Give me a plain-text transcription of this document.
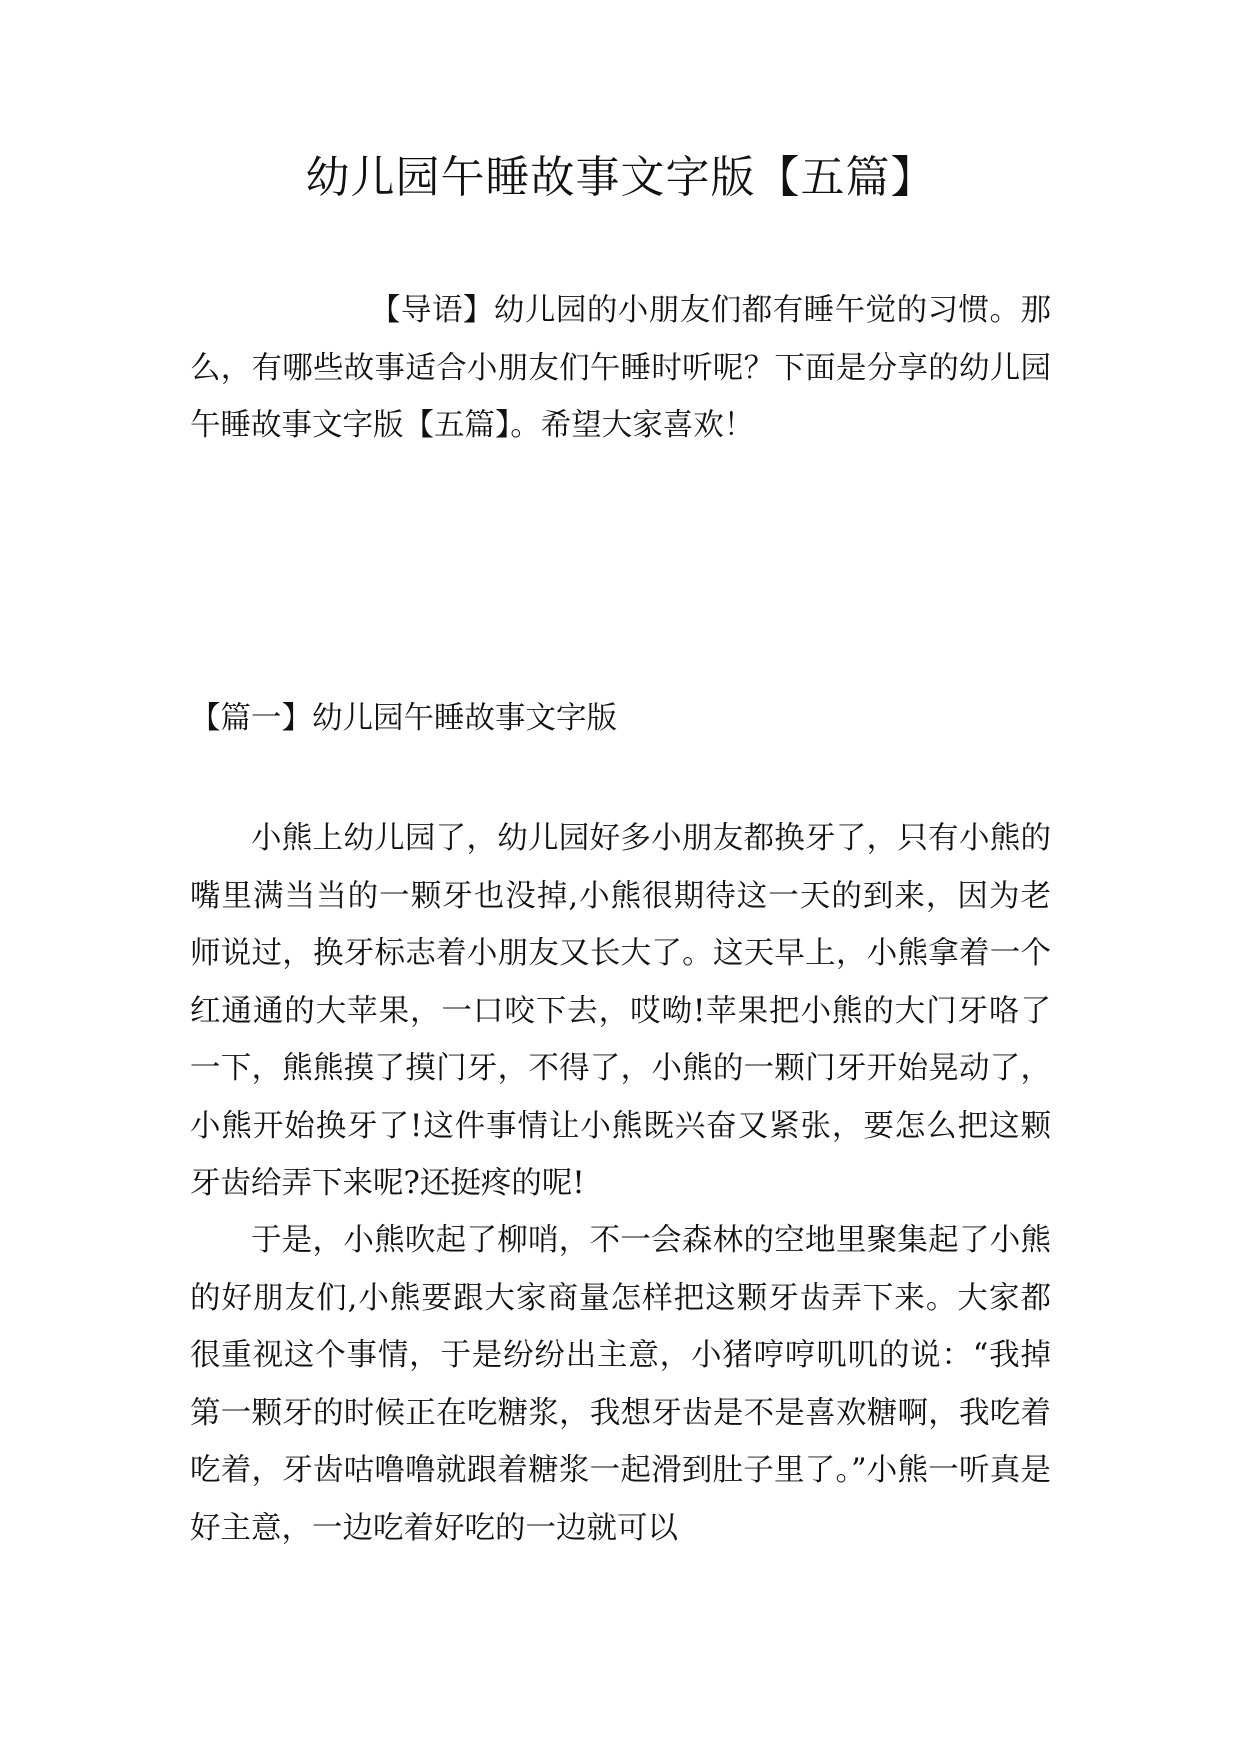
幼儿园午睡故事文字版【五篇】

【导语】幼儿园的小朋友们都有睡午觉的习惯。那么，有哪些故事适合小朋友们午睡时听呢？下面是分享的幼儿园午睡故事文字版【五篇】。希望大家喜欢！

【篇一】幼儿园午睡故事文字版

小熊上幼儿园了，幼儿园好多小朋友都换牙了，只有小熊的嘴里满当当的一颗牙也没掉,小熊很期待这一天的到来，因为老师说过，换牙标志着小朋友又长大了。这天早上，小熊拿着一个红通通的大苹果，一口咬下去，哎呦!苹果把小熊的大门牙咯了一下，熊熊摸了摸门牙，不得了，小熊的一颗门牙开始晃动了，小熊开始换牙了!这件事情让小熊既兴奋又紧张，要怎么把这颗牙齿给弄下来呢?还挺疼的呢!

于是，小熊吹起了柳哨，不一会森林的空地里聚集起了小熊的好朋友们,小熊要跟大家商量怎样把这颗牙齿弄下来。大家都很重视这个事情，于是纷纷出主意，小猪哼哼叽叽的说：“我掉第一颗牙的时候正在吃糖浆，我想牙齿是不是喜欢糖啊，我吃着吃着，牙齿咕噜噜就跟着糖浆一起滑到肚子里了。”小熊一听真是好主意，一边吃着好吃的一边就可以
